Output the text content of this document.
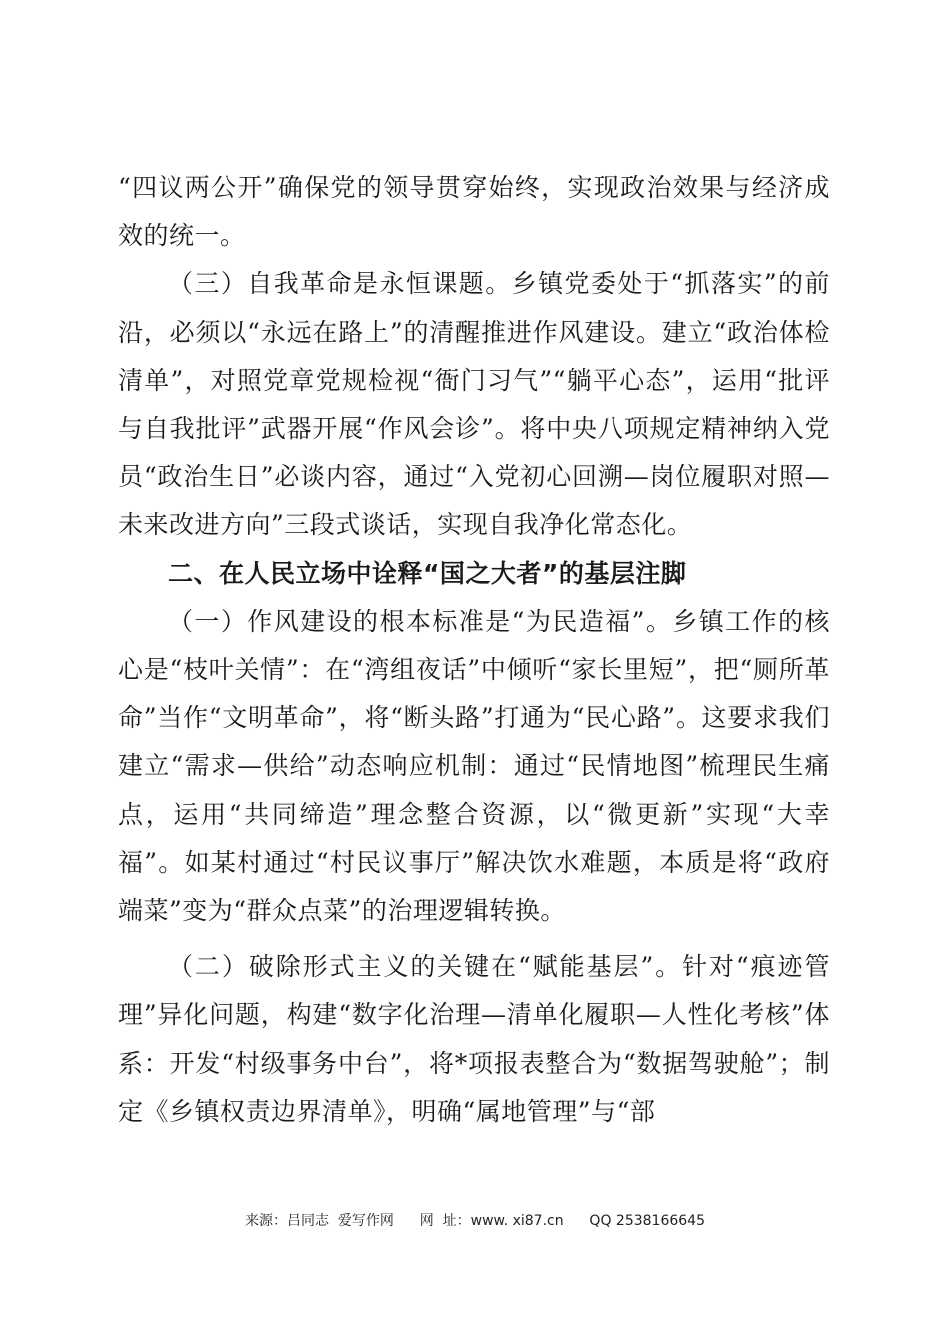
“四议两公开”确保党的领导贯穿始终，实现政治效果与经济成效的统一。

（三）自我革命是永恒课题。乡镇党委处于“抓落实”的前沿，必须以“永远在路上”的清醒推进作风建设。建立“政治体检清单”，对照党章党规检视“衙门习气”“躺平心态”，运用“批评与自我批评”武器开展“作风会诊”。将中央八项规定精神纳入党员“政治生日”必谈内容，通过“入党初心回溯—岗位履职对照—未来改进方向”三段式谈话，实现自我净化常态化。

二、在人民立场中诠释“国之大者”的基层注脚

（一）作风建设的根本标准是“为民造福”。乡镇工作的核心是“枝叶关情”：在“湾组夜话”中倾听“家长里短”，把“厕所革命”当作“文明革命”，将“断头路”打通为“民心路”。这要求我们建立“需求—供给”动态响应机制：通过“民情地图”梳理民生痛点，运用“共同缔造”理念整合资源，以“微更新”实现“大幸福”。如某村通过“村民议事厅”解决饮水难题，本质是将“政府端菜”变为“群众点菜”的治理逻辑转换。

（二）破除形式主义的关键在“赋能基层”。针对“痕迹管理”异化问题，构建“数字化治理—清单化履职—人性化考核”体系：开发“村级事务中台”，将*项报表整合为“数据驾驶舱”；制定《乡镇权责边界清单》，明确“属地管理”与“部

来源：吕同志  爱写作网 网  址：www. xi87.cn QQ 2538166645
